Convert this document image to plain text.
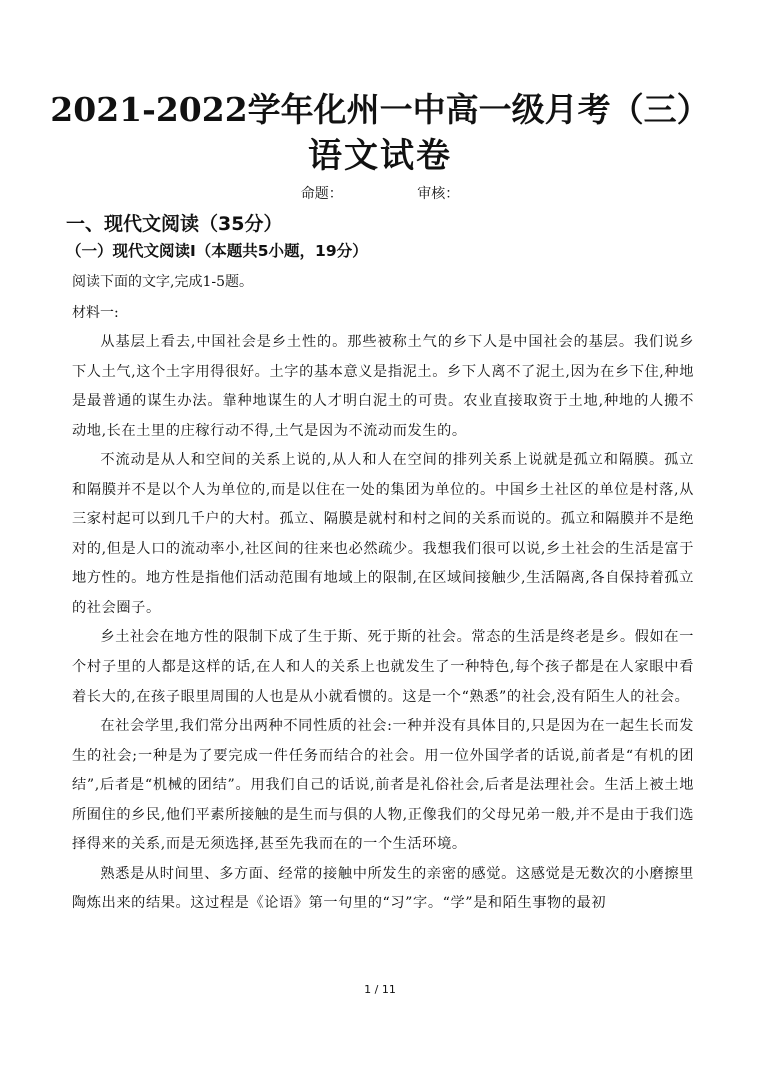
2021-2022学年化州一中高一级月考（三）
语文试卷
命题：	审核：
一、现代文阅读（35分）
（一）现代文阅读Ⅰ（本题共5小题，19分）
阅读下面的文字,完成1-5题。
材料一:

从基层上看去,中国社会是乡土性的。那些被称土气的乡下人是中国社会的基层。我们说乡下人土气,这个土字用得很好。土字的基本意义是指泥土。乡下人离不了泥土,因为在乡下住,种地是最普通的谋生办法。靠种地谋生的人才明白泥土的可贵。农业直接取资于土地,种地的人搬不动地,长在土里的庄稼行动不得,土气是因为不流动而发生的。

不流动是从人和空间的关系上说的,从人和人在空间的排列关系上说就是孤立和隔膜。孤立和隔膜并不是以个人为单位的,而是以住在一处的集团为单位的。中国乡土社区的单位是村落,从三家村起可以到几千户的大村。孤立、隔膜是就村和村之间的关系而说的。孤立和隔膜并不是绝对的,但是人口的流动率小,社区间的往来也必然疏少。我想我们很可以说,乡土社会的生活是富于地方性的。地方性是指他们活动范围有地域上的限制,在区域间接触少,生活隔离,各自保持着孤立的社会圈子。

乡土社会在地方性的限制下成了生于斯、死于斯的社会。常态的生活是终老是乡。假如在一个村子里的人都是这样的话,在人和人的关系上也就发生了一种特色,每个孩子都是在人家眼中看着长大的,在孩子眼里周围的人也是从小就看惯的。这是一个“熟悉”的社会,没有陌生人的社会。

在社会学里,我们常分出两种不同性质的社会:一种并没有具体目的,只是因为在一起生长而发生的社会;一种是为了要完成一件任务而结合的社会。用一位外国学者的话说,前者是“有机的团结”,后者是“机械的团结”。用我们自己的话说,前者是礼俗社会,后者是法理社会。生活上被土地所囿住的乡民,他们平素所接触的是生而与俱的人物,正像我们的父母兄弟一般,并不是由于我们选择得来的关系,而是无须选择,甚至先我而在的一个生活环境。

熟悉是从时间里、多方面、经常的接触中所发生的亲密的感觉。这感觉是无数次的小磨擦里陶炼出来的结果。这过程是《论语》第一句里的“习”字。“学”是和陌生事物的最初

1 / 11
